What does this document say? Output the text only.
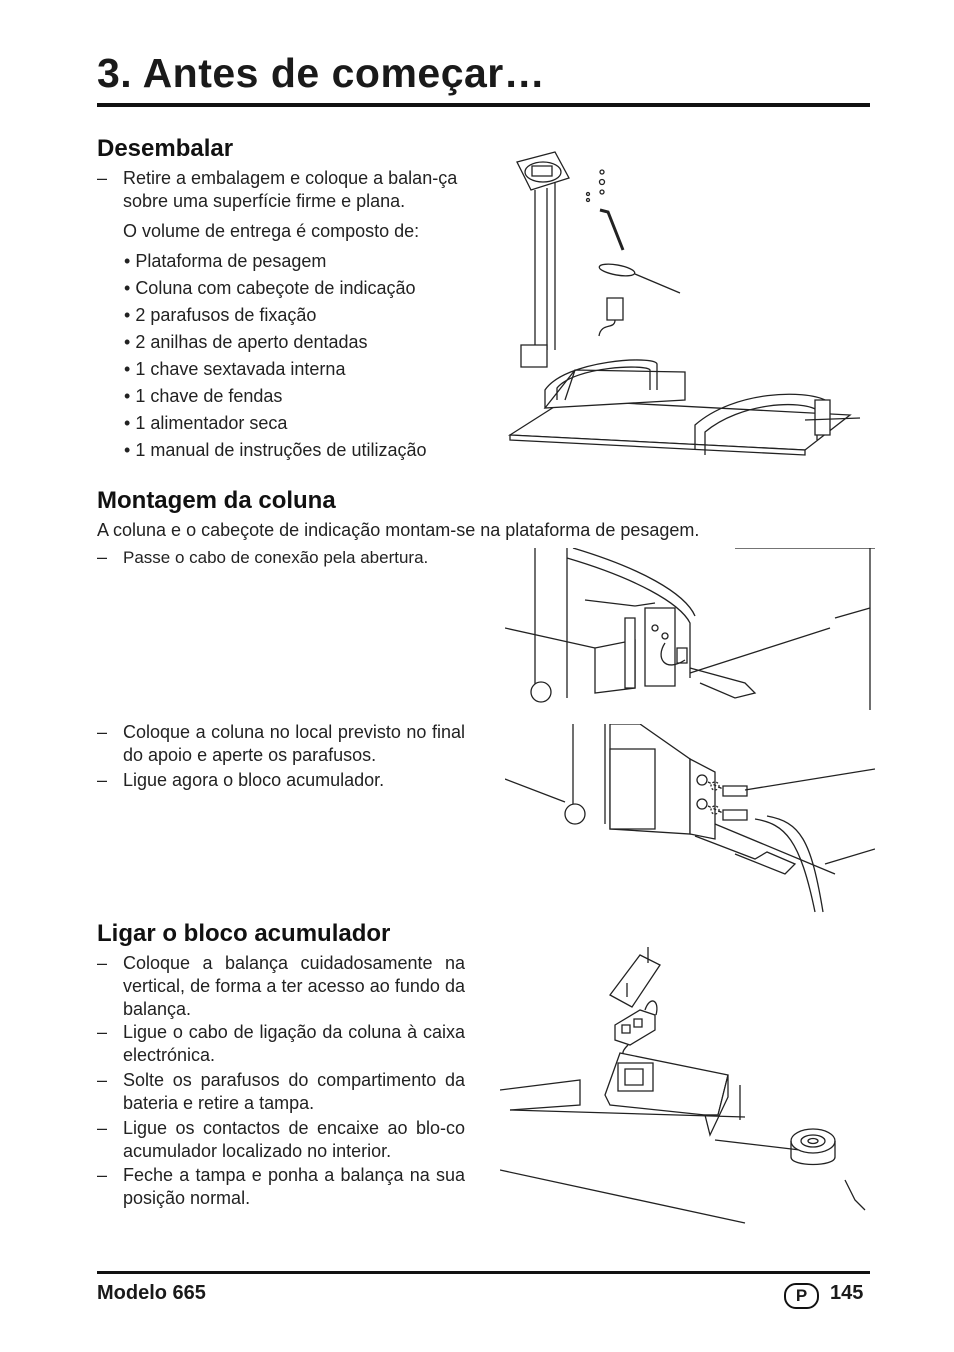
3. Antes de começar…
Desembalar
– Retire a embalagem e coloque a balan-ça sobre uma superfície firme e plana.
O volume de entrega é composto de:
• Plataforma de pesagem
• Coluna com cabeçote de indicação
• 2 parafusos de fixação
• 2 anilhas de aperto dentadas
• 1 chave sextavada interna
• 1 chave de fendas
• 1 alimentador seca
• 1 manual de instruções de utilização
Montagem da coluna
A coluna e o cabeçote de indicação montam-se na plataforma de pesagem.
– Passe o cabo de conexão pela abertura.
– Coloque a coluna no local previsto no final do apoio e aperte os parafusos.
– Ligue agora o bloco acumulador.
Ligar o bloco acumulador
– Coloque a balança cuidadosamente na vertical, de forma a ter acesso ao fundo da balança.
– Ligue o cabo de ligação da coluna à caixa electrónica.
– Solte os parafusos do compartimento da bateria e retire a tampa.
– Ligue os contactos de encaixe ao blo-co acumulador localizado no interior.
– Feche a tampa e ponha a balança na sua posição normal.
Modelo 665	P	145
